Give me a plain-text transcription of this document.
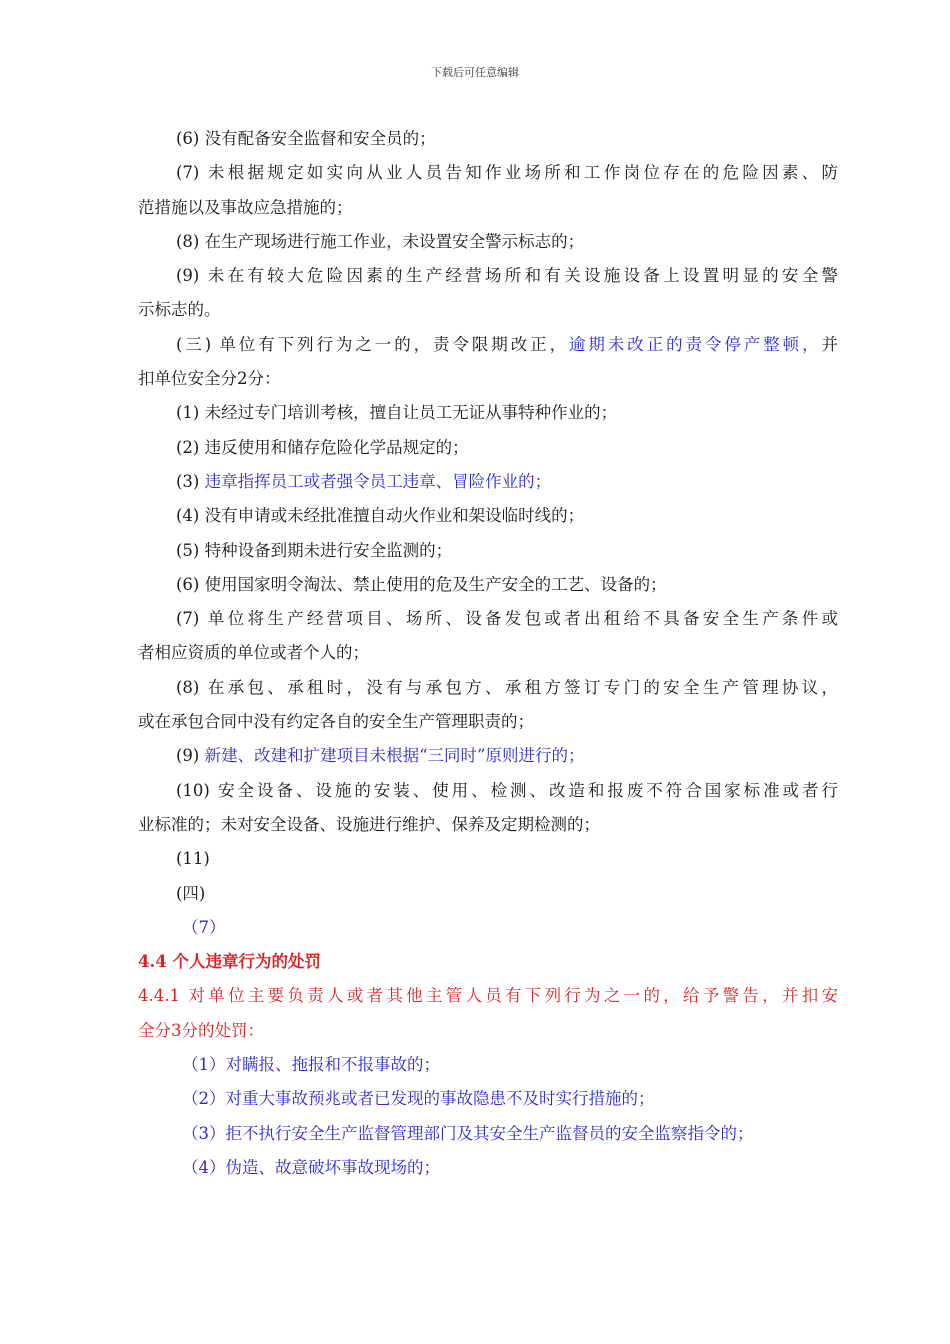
下载后可任意编辑
(6) 没有配备安全监督和安全员的；
(7) 未根据规定如实向从业人员告知作业场所和工作岗位存在的危险因素、防
范措施以及事故应急措施的；
(8) 在生产现场进行施工作业，未设置安全警示标志的；
(9) 未在有较大危险因素的生产经营场所和有关设施设备上设置明显的安全警
示标志的。
(三) 单位有下列行为之一的，责令限期改正，逾期未改正的责令停产整顿，并
扣单位安全分2分：
(1) 未经过专门培训考核，擅自让员工无证从事特种作业的；
(2) 违反使用和储存危险化学品规定的；
(3) 违章指挥员工或者强令员工违章、冒险作业的；
(4) 没有申请或未经批准擅自动火作业和架设临时线的；
(5) 特种设备到期未进行安全监测的；
(6) 使用国家明令淘汰、禁止使用的危及生产安全的工艺、设备的；
(7) 单位将生产经营项目、场所、设备发包或者出租给不具备安全生产条件或
者相应资质的单位或者个人的；
(8) 在承包、承租时，没有与承包方、承租方签订专门的安全生产管理协议，
或在承包合同中没有约定各自的安全生产管理职责的；
(9) 新建、改建和扩建项目未根据“三同时”原则进行的；
(10) 安全设备、设施的安装、使用、检测、改造和报废不符合国家标准或者行
业标准的；未对安全设备、设施进行维护、保养及定期检测的；
(11)
(四)
（7）
4.4 个人违章行为的处罚
4.4.1 对单位主要负责人或者其他主管人员有下列行为之一的，给予警告，并扣安
全分3分的处罚：
（1）对瞒报、拖报和不报事故的；
（2）对重大事故预兆或者已发现的事故隐患不及时实行措施的；
（3）拒不执行安全生产监督管理部门及其安全生产监督员的安全监察指令的；
（4）伪造、故意破坏事故现场的；
